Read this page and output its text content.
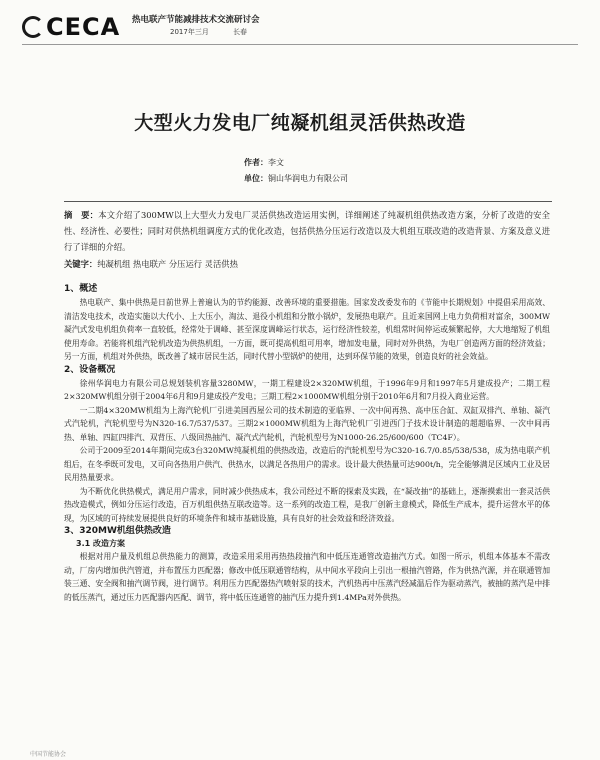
CECA 热电联产节能减排技术交流研讨会
2017年三月	长春
大型火力发电厂纯凝机组灵活供热改造
作者：李文
单位：铜山华润电力有限公司
摘　要：本文介绍了300MW以上大型火力发电厂灵活供热改造运用实例，详细阐述了纯凝机组供热改造方案，分析了改造的安全性、经济性、必要性；同时对供热机组调度方式的优化改造，包括供热分压运行改造以及大机组互联改造的改造背景、方案及意义进行了详细的介绍。
关键字：纯凝机组 热电联产 分压运行 灵活供热

1、概述

热电联产、集中供热是日前世界上普遍认为的节约能源、改善环境的重要措施。国家发改委发布的《节能中长期规划》中提倡采用高效、清洁发电技术，改造实施以大代小、上大压小，淘汰、退役小机组和分散小锅炉，发展热电联产。且近来国网上电力负荷相对富余，300MW凝汽式发电机组负荷率一直较低，经常处于调峰、甚至深度调峰运行状态，运行经济性较差，机组常时间停运或频繁起停，大大地缩短了机组使用寿命。若能将机组汽轮机改造为供热机组，一方面，既可提高机组可用率，增加发电量，同时对外供热，为电厂创造两方面的经济效益；另一方面，机组对外供热，既改善了城市居民生活，同时代替小型锅炉的使用，达到环保节能的效果，创造良好的社会效益。

2、设备概况

徐州华润电力有限公司总规划装机容量3280MW，一期工程建设2×320MW机组，于1996年9月和1997年5月建成投产；二期工程2×320MW机组分别于2004年6月和9月建成投产发电；三期工程2×1000MW机组分别于2010年6月和7月投入商业运营。

一二期4×320MW机组为上海汽轮机厂引进美国西屋公司的技术制造的亚临界、一次中间再热、高中压合缸、双缸双排汽、单轴、凝汽式汽轮机，汽轮机型号为N320-16.7/537/537。三期2×1000MW机组为上海汽轮机厂引进西门子技术设计制造的超超临界、一次中间再热、单轴、四缸四排汽、双背压、八级回热抽汽、凝汽式汽轮机，汽轮机型号为N1000-26.25/600/600（TC4F）。

公司于2009至2014年期间完成3台320MW纯凝机组的供热改造，改造后的汽轮机型号为C320-16.7/0.85/538/538，成为热电联产机组后，在冬季既可发电，又可向各热用户供汽、供热水，以满足各热用户的需求。设计最大供热量可达900t/h，完全能够满足区域内工业及居民用热量要求。

为不断优化供热模式，满足用户需求，同时减少供热成本，我公司经过不断的探索及实践，在“凝改抽”的基础上，逐渐摸索出一套灵活供热改造模式，例如分压运行改造，百万机组供热互联改造等。这一系列的改造工程，是我厂创新主意模式，降低生产成本，提升运营水平的体现，为区域的可持续发展提供良好的环境条件和城市基础设施，具有良好的社会效益和经济效益。

3、320MW机组供热改造

3.1 改造方案

根据对用户量及机组总供热能力的测算，改造采用采用再热热段抽汽和中低压连通管改造抽汽方式。如图一所示，机组本体基本不需改动，厂房内增加供汽管道，并布置压力匹配器；修改中低压联通管结构，从中间水平段向上引出一根抽汽管路，作为供热汽源，并在联通管加装三通、安全阀和抽汽调节阀，进行调节。利用压力匹配器热汽喷射泵的技术，汽机热再中压蒸汽经减温后作为驱动蒸汽，被抽的蒸汽是中排的低压蒸汽，通过压力匹配器内匹配、调节，将中低压连通管的抽汽压力提升到1.4MPa对外供热。

中国节能协会
